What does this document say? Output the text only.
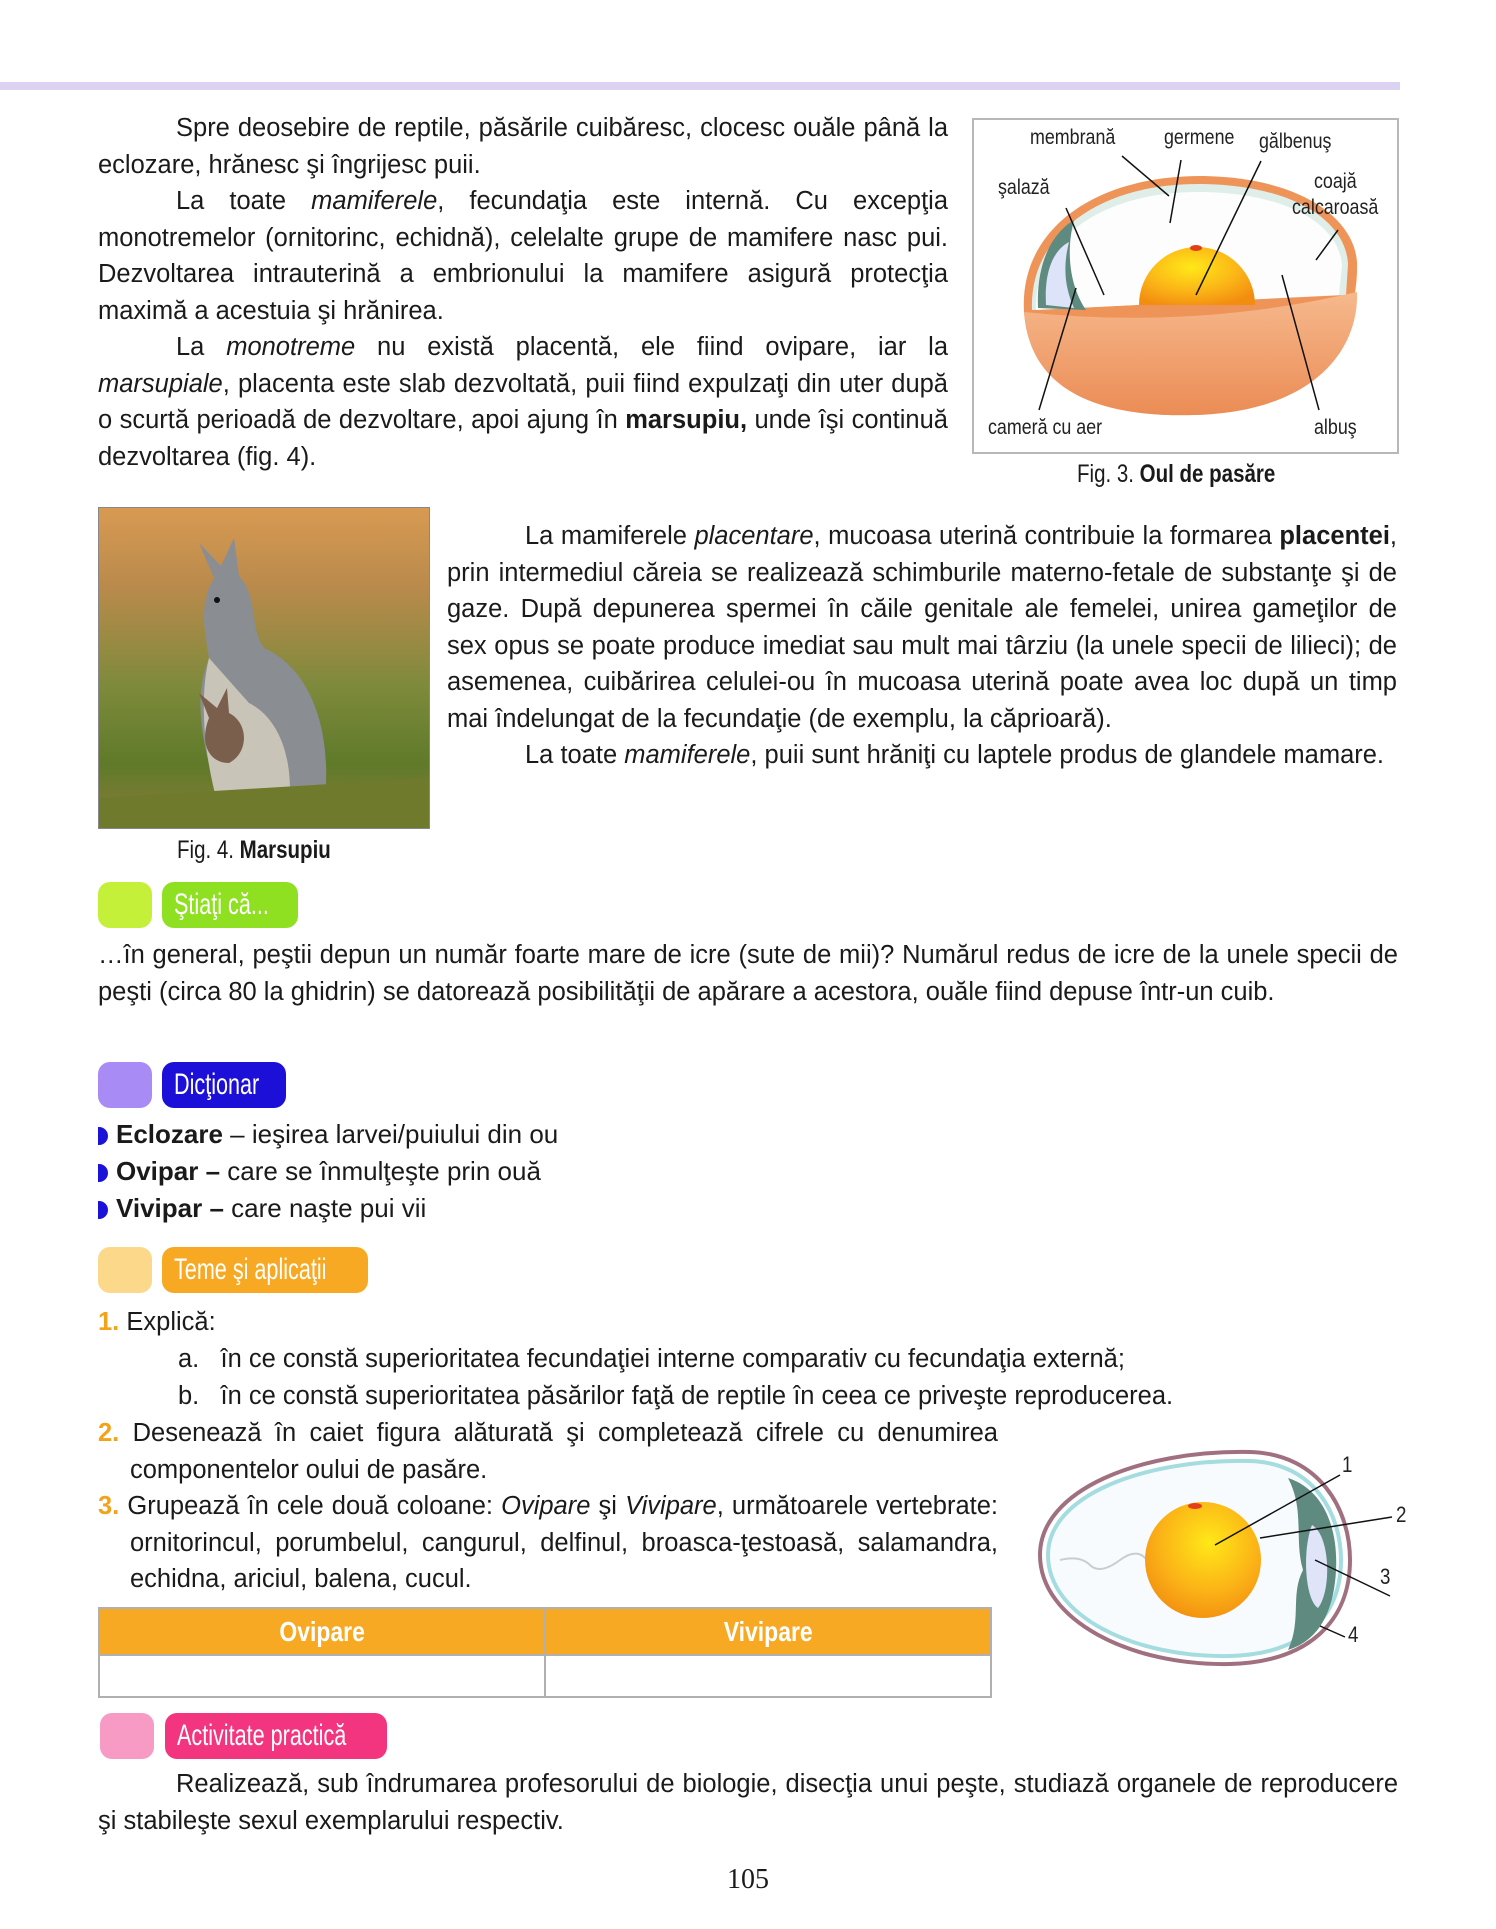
Spre deosebire de reptile, păsările cuibăresc, clocesc ouăle până la eclozare, hrănesc şi îngrijesc puii.

La toate mamiferele, fecundaţia este internă. Cu excepţia monotremelor (ornitorinc, echidnă), celelalte grupe de mamifere nasc pui. Dezvoltarea intrauterină a embrionului la mamifere asigură protecţia maximă a acestuia şi hrănirea.

La monotreme nu există placentă, ele fiind ovipare, iar la marsupiale, placenta este slab dezvoltată, puii fiind expulzaţi din uter după o scurtă perioadă de dezvoltare, apoi ajung în marsupiu, unde îşi continuă dezvoltarea (fig. 4).

membrană germene gălbenuş
şalază	coajă
calcaroasă
cameră cu aer	albuş
Fig. 3. Oul de pasăre
Fig. 4. Marsupiu

La mamiferele placentare, mucoasa uterină contribuie la formarea placentei, prin intermediul căreia se realizează schimburile materno-fetale de substanţe şi de gaze. După depunerea spermei în căile genitale ale femelei, unirea gameţilor de sex opus se poate produce imediat sau mult mai târziu (la unele specii de lilieci); de asemenea, cuibărirea celulei-ou în mucoasa uterină poate avea loc după un timp mai îndelungat de la fecundaţie (de exemplu, la căprioară).

La toate mamiferele, puii sunt hrăniţi cu laptele produs de glandele mamare.

Ştiaţi că...

…în general, peştii depun un număr foarte mare de icre (sute de mii)? Numărul redus de icre de la unele specii de peşti (circa 80 la ghidrin) se datorează posibilităţii de apărare a acestora, ouăle fiind depuse într-un cuib.

Dicţionar
Eclozare – ieşirea larvei/puiului din ou
Ovipar – care se înmulţeşte prin ouă
Vivipar – care naşte pui vii
Teme şi aplicaţii
1. Explică:
a. în ce constă superioritatea fecundaţiei interne comparativ cu fecundaţia externă;
b. în ce constă superioritatea păsărilor faţă de reptile în ceea ce priveşte reproducerea.

2. Desenează în caiet figura alăturată şi completează cifrele cu denumirea componentelor oului de pasăre.

3. Grupează în cele două coloane: Ovipare şi Vivipare, următoarele vertebrate: ornitorincul, porumbelul, cangurul, delfinul, broasca-ţestoasă, salamandra, echidna, ariciul, balena, cucul.

Ovipare	Vivipare

1
2
3
4
Activitate practică

Realizează, sub îndrumarea profesorului de biologie, disecţia unui peşte, studiază organele de reproducere şi stabileşte sexul exemplarului respectiv.

105
